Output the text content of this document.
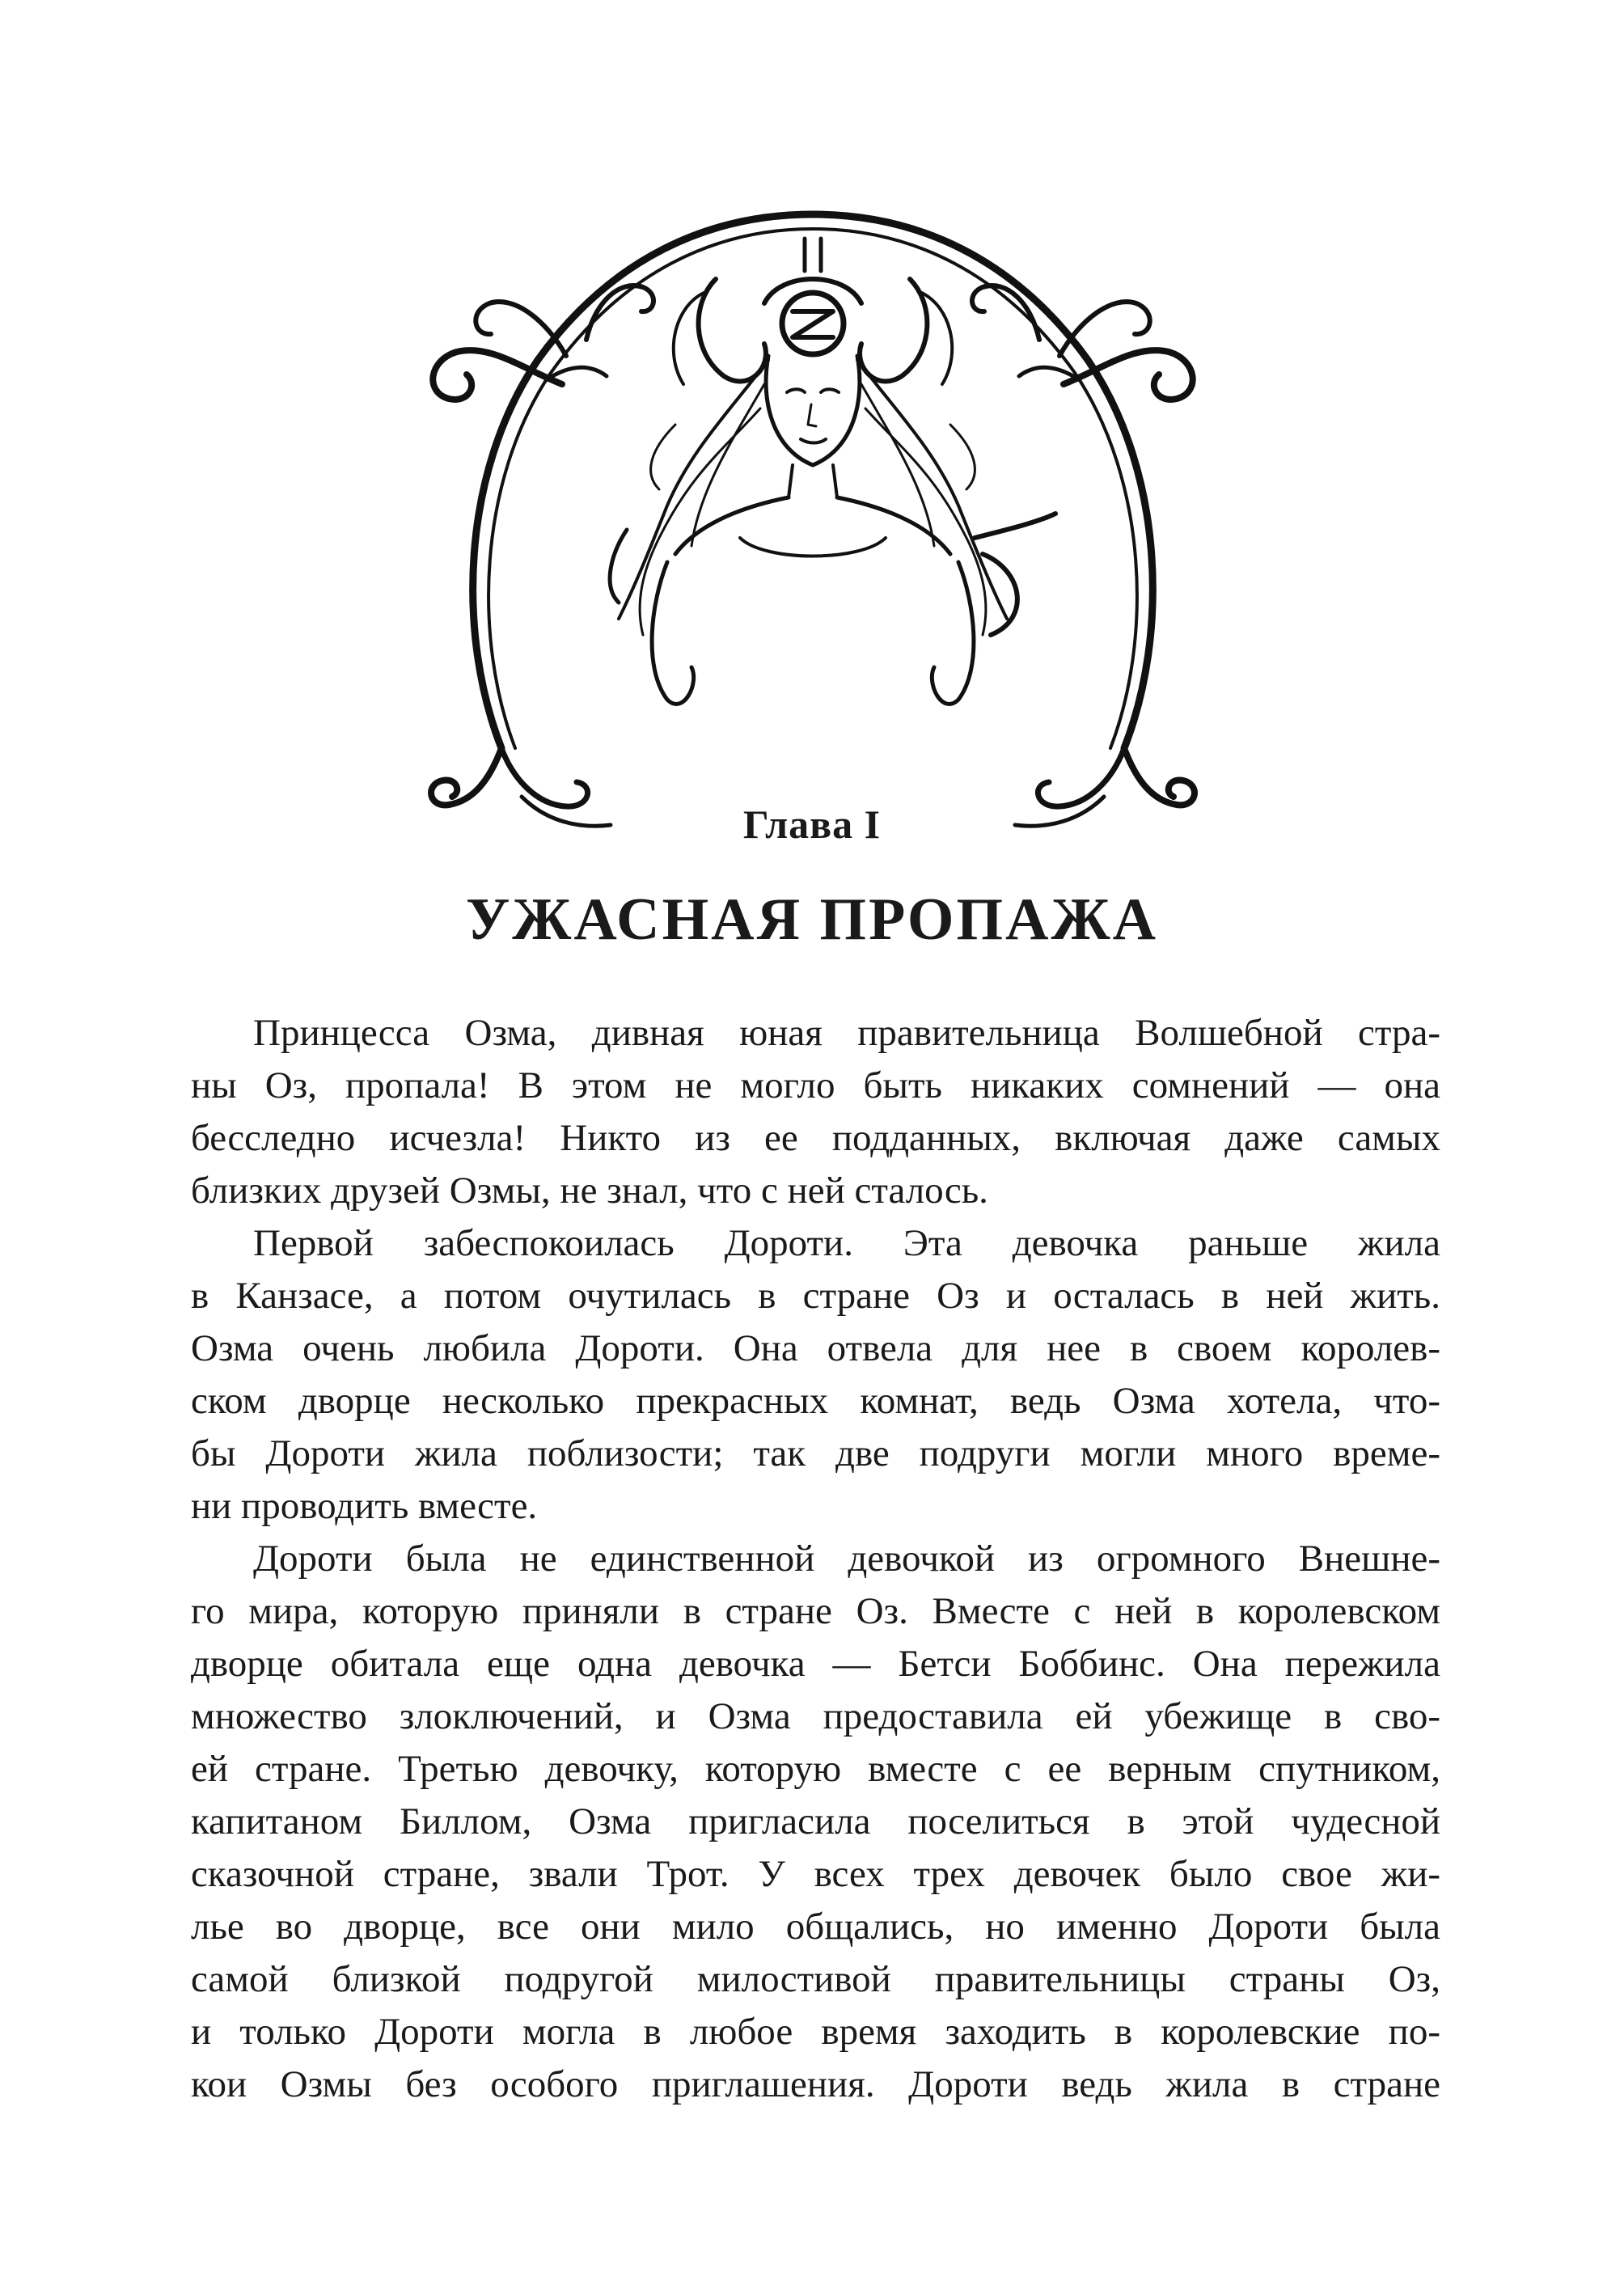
Глава I
УЖАСНАЯ ПРОПАЖА
Принцесса Озма, дивная юная правительница Волшебной стра-
ны Оз, пропала! В этом не могло быть никаких сомнений — она
бесследно исчезла! Никто из ее подданных, включая даже самых
близких друзей Озмы, не знал, что с ней сталось.
Первой забеспокоилась Дороти. Эта девочка раньше жила
в Канзасе, а потом очутилась в стране Оз и осталась в ней жить.
Озма очень любила Дороти. Она отвела для нее в своем королев-
ском дворце несколько прекрасных комнат, ведь Озма хотела, что-
бы Дороти жила поблизости; так две подруги могли много време-
ни проводить вместе.
Дороти была не единственной девочкой из огромного Внешне-
го мира, которую приняли в стране Оз. Вместе с ней в королевском
дворце обитала еще одна девочка — Бетси Боббинс. Она пережила
множество злоключений, и Озма предоставила ей убежище в сво-
ей стране. Третью девочку, которую вместе с ее верным спутником,
капитаном Биллом, Озма пригласила поселиться в этой чудесной
сказочной стране, звали Трот. У всех трех девочек было свое жи-
лье во дворце, все они мило общались, но именно Дороти была
самой близкой подругой милостивой правительницы страны Оз,
и только Дороти могла в любое время заходить в королевские по-
кои Озмы без особого приглашения. Дороти ведь жила в стране
